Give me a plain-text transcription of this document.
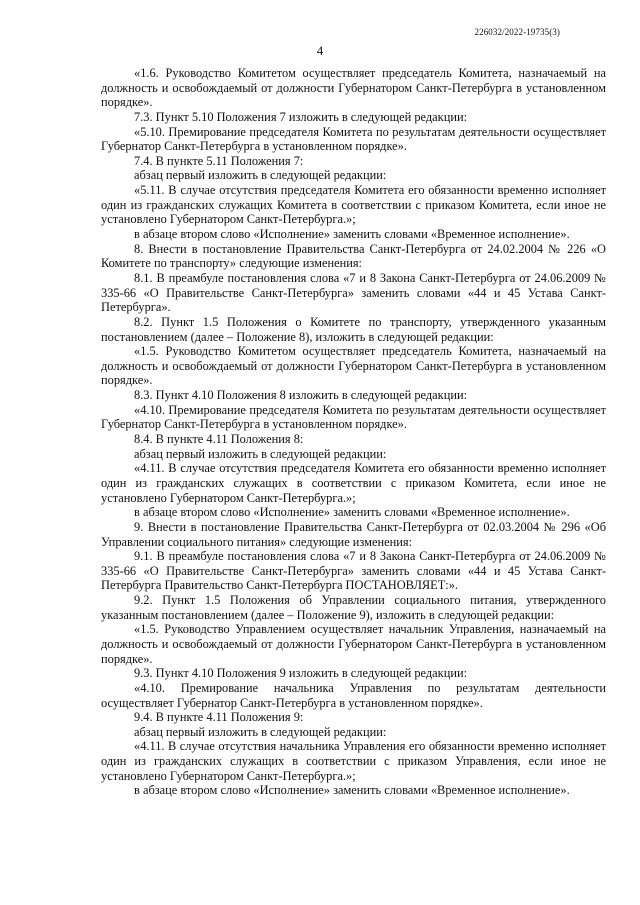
226032/2022-19735(3)
4

«1.6. Руководство Комитетом осуществляет председатель Комитета, назначаемый на должность и освобождаемый от должности Губернатором Санкт-Петербурга в установленном порядке».

7.3. Пункт 5.10 Положения 7 изложить в следующей редакции:

«5.10. Премирование председателя Комитета по результатам деятельности осуществляет Губернатор Санкт-Петербурга в установленном порядке».

7.4. В пункте 5.11 Положения 7:

абзац первый изложить в следующей редакции:

«5.11. В случае отсутствия председателя Комитета его обязанности временно исполняет один из гражданских служащих Комитета в соответствии с приказом Комитета, если иное не установлено Губернатором Санкт-Петербурга.»;

в абзаце втором слово «Исполнение» заменить словами «Временное исполнение».

8. Внести в постановление Правительства Санкт-Петербурга от 24.02.2004 № 226 «О Комитете по транспорту» следующие изменения:

8.1. В преамбуле постановления слова «7 и 8 Закона Санкт-Петербурга от 24.06.2009 № 335-66 «О Правительстве Санкт-Петербурга» заменить словами «44 и 45 Устава Санкт-Петербурга».

8.2. Пункт 1.5 Положения о Комитете по транспорту, утвержденного указанным постановлением (далее – Положение 8), изложить в следующей редакции:

«1.5. Руководство Комитетом осуществляет председатель Комитета, назначаемый на должность и освобождаемый от должности Губернатором Санкт-Петербурга в установленном порядке».

8.3. Пункт 4.10 Положения 8 изложить в следующей редакции:

«4.10. Премирование председателя Комитета по результатам деятельности осуществляет Губернатор Санкт-Петербурга в установленном порядке».

8.4. В пункте 4.11 Положения 8:

абзац первый изложить в следующей редакции:

«4.11. В случае отсутствия председателя Комитета его обязанности временно исполняет один из гражданских служащих в соответствии с приказом Комитета, если иное не установлено Губернатором Санкт-Петербурга.»;

в абзаце втором слово «Исполнение» заменить словами «Временное исполнение».

9. Внести в постановление Правительства Санкт-Петербурга от 02.03.2004 № 296 «Об Управлении социального питания» следующие изменения:

9.1. В преамбуле постановления слова «7 и 8 Закона Санкт-Петербурга от 24.06.2009 № 335-66 «О Правительстве Санкт-Петербурга» заменить словами «44 и 45 Устава Санкт-Петербурга Правительство Санкт-Петербурга ПОСТАНОВЛЯЕТ:».

9.2. Пункт 1.5 Положения об Управлении социального питания, утвержденного указанным постановлением (далее – Положение 9), изложить в следующей редакции:

«1.5. Руководство Управлением осуществляет начальник Управления, назначаемый на должность и освобождаемый от должности Губернатором Санкт-Петербурга в установленном порядке».

9.3. Пункт 4.10 Положения 9 изложить в следующей редакции:

«4.10. Премирование начальника Управления по результатам деятельности осуществляет Губернатор Санкт-Петербурга в установленном порядке».

9.4. В пункте 4.11 Положения 9:

абзац первый изложить в следующей редакции:

«4.11. В случае отсутствия начальника Управления его обязанности временно исполняет один из гражданских служащих в соответствии с приказом Управления, если иное не установлено Губернатором Санкт-Петербурга.»;

в абзаце втором слово «Исполнение» заменить словами «Временное исполнение».
